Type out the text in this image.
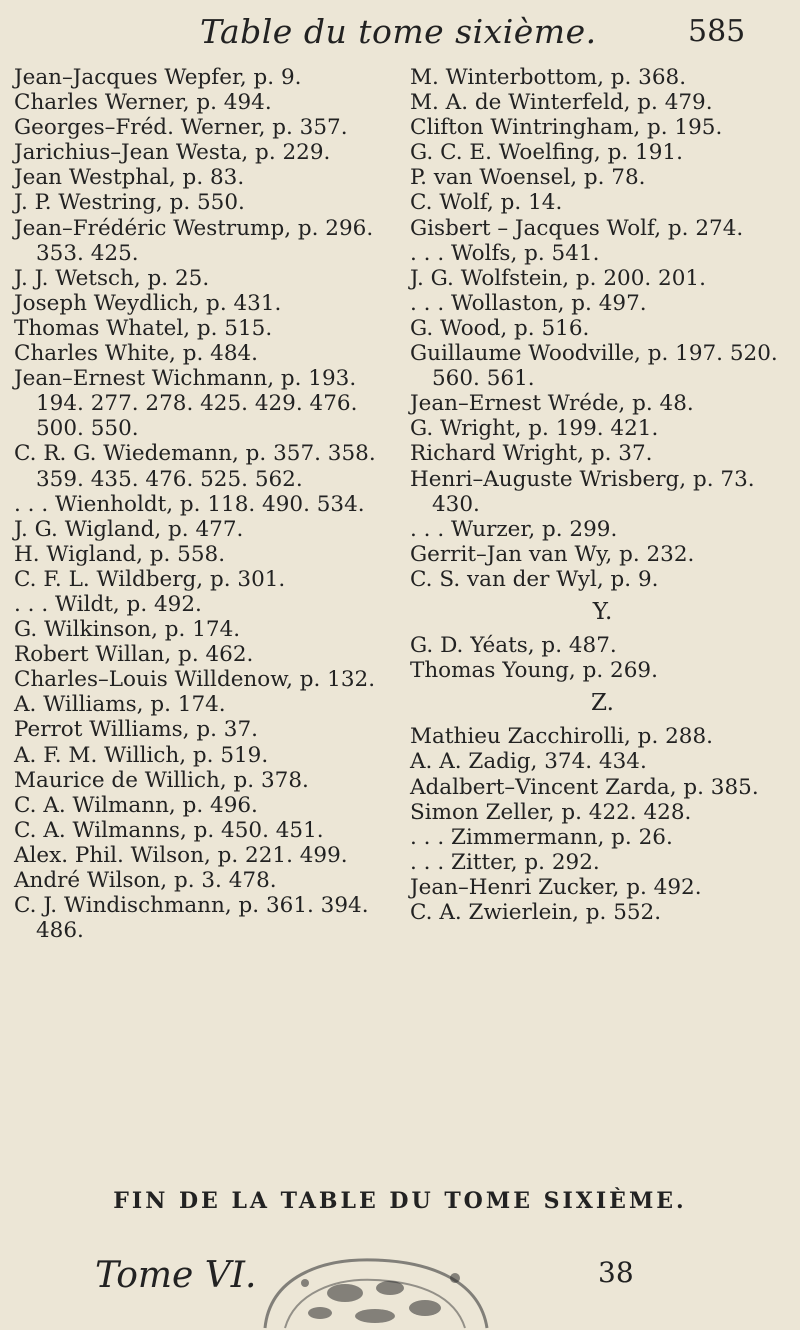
Table du tome sixième.	585
Jean–Jacques Wepfer, p. 9.
Charles Werner, p. 494.
Georges–Fréd. Werner, p. 357.
Jarichius–Jean Westa, p. 229.
Jean Westphal, p. 83.
J. P. Westring, p. 550.
Jean–Frédéric Westrump, p. 296. 353. 425.
J. J. Wetsch, p. 25.
Joseph Weydlich, p. 431.
Thomas Whatel, p. 515.
Charles White, p. 484.
Jean–Ernest Wichmann, p. 193. 194. 277. 278. 425. 429. 476. 500. 550.
C. R. G. Wiedemann, p. 357. 358. 359. 435. 476. 525. 562.
. . . Wienholdt, p. 118. 490. 534.
J. G. Wigland, p. 477.
H. Wigland, p. 558.
C. F. L. Wildberg, p. 301.
. . . Wildt, p. 492.
G. Wilkinson, p. 174.
Robert Willan, p. 462.
Charles–Louis Willdenow, p. 132.
A. Williams, p. 174.
Perrot Williams, p. 37.
A. F. M. Willich, p. 519.
Maurice de Willich, p. 378.
C. A. Wilmann, p. 496.
C. A. Wilmanns, p. 450. 451.
Alex. Phil. Wilson, p. 221. 499.
André Wilson, p. 3. 478.
C. J. Windischmann, p. 361. 394. 486.
M. Winterbottom, p. 368.
M. A. de Winterfeld, p. 479.
Clifton Wintringham, p. 195.
G. C. E. Woelfing, p. 191.
P. van Woensel, p. 78.
C. Wolf, p. 14.
Gisbert – Jacques Wolf, p. 274.
. . . Wolfs, p. 541.
J. G. Wolfstein, p. 200. 201.
. . . Wollaston, p. 497.
G. Wood, p. 516.
Guillaume Woodville, p. 197. 520. 560. 561.
Jean–Ernest Wréde, p. 48.
G. Wright, p. 199. 421.
Richard Wright, p. 37.
Henri–Auguste Wrisberg, p. 73. 430.
. . . Wurzer, p. 299.
Gerrit–Jan van Wy, p. 232.
C. S. van der Wyl, p. 9.
Y.
G. D. Yéats, p. 487.
Thomas Young, p. 269.
Z.
Mathieu Zacchirolli, p. 288.
A. A. Zadig, 374. 434.
Adalbert–Vincent Zarda, p. 385.
Simon Zeller, p. 422. 428.
. . . Zimmermann, p. 26.
. . . Zitter, p. 292.
Jean–Henri Zucker, p. 492.
C. A. Zwierlein, p. 552.
FIN DE LA TABLE DU TOME SIXIÈME.
Tome VI.	38
